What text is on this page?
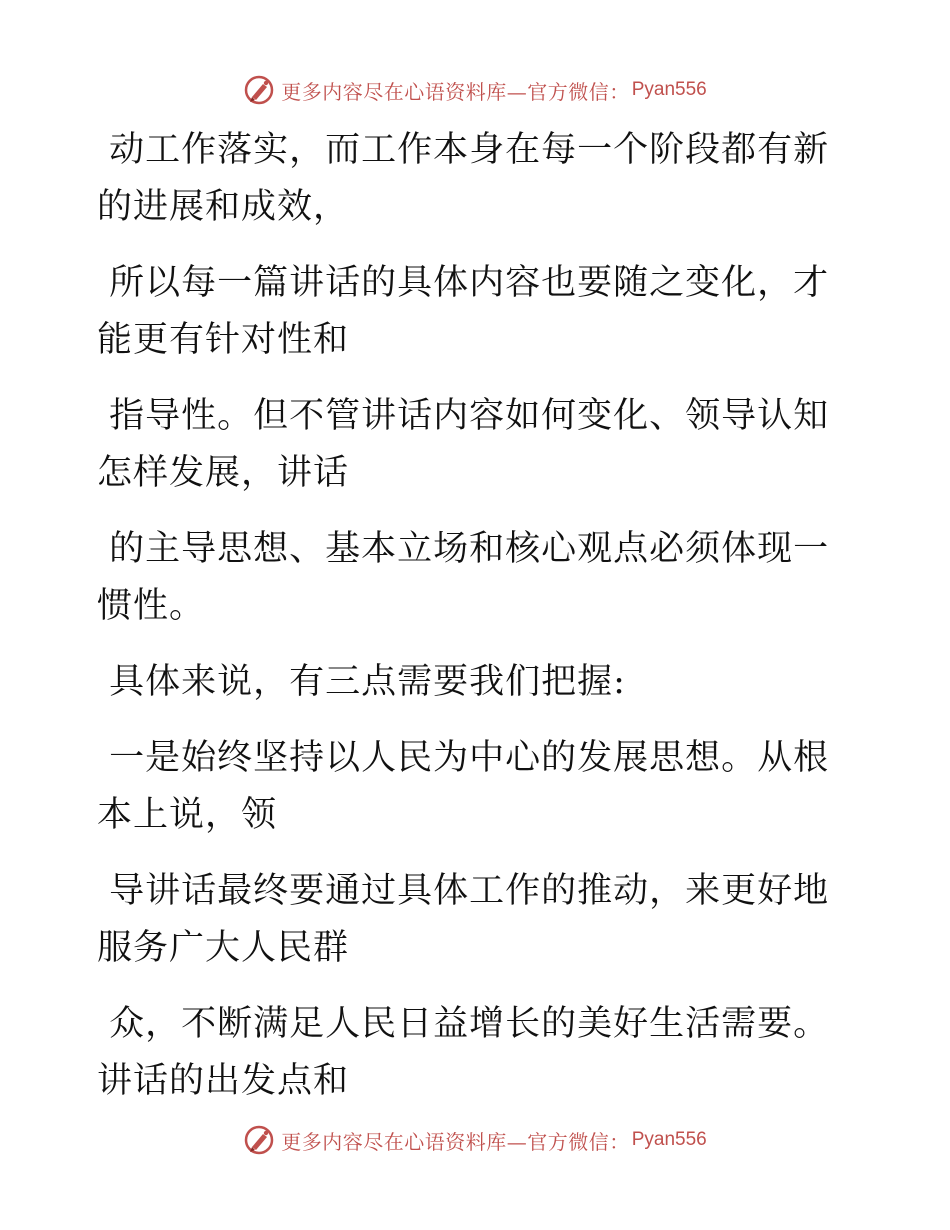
更多内容尽在心语资料库—官方微信： Pyan556

动工作落实，而工作本身在每一个阶段都有新的进展和成效，

所以每一篇讲话的具体内容也要随之变化，才能更有针对性和

指导性。但不管讲话内容如何变化、领导认知怎样发展，讲话

的主导思想、基本立场和核心观点必须体现一惯性。

具体来说，有三点需要我们把握:

一是始终坚持以人民为中心的发展思想。从根本上说，领

导讲话最终要通过具体工作的推动，来更好地服务广大人民群

众，不断满足人民日益增长的美好生活需要。讲话的出发点和

更多内容尽在心语资料库—官方微信： Pyan556
